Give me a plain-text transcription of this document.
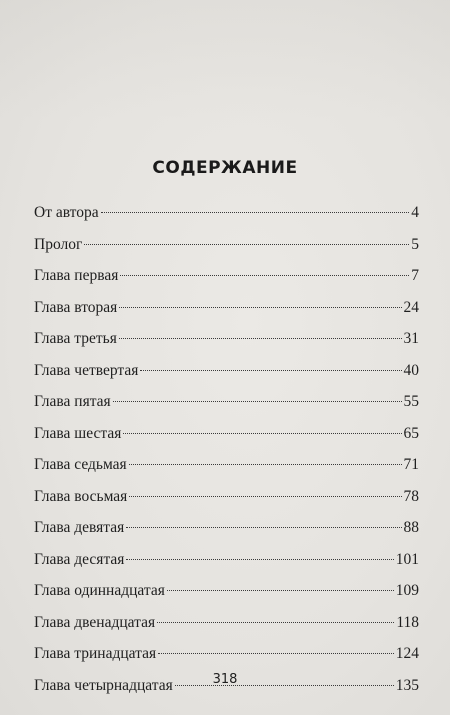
СОДЕРЖАНИЕ
От автора	4
Пролог	5
Глава первая	7
Глава вторая	24
Глава третья	31
Глава четвертая	40
Глава пятая	55
Глава шестая	65
Глава седьмая	71
Глава восьмая	78
Глава девятая	88
Глава десятая	101
Глава одиннадцатая	109
Глава двенадцатая	118
Глава тринадцатая	124
Глава четырнадцатая	135
318
